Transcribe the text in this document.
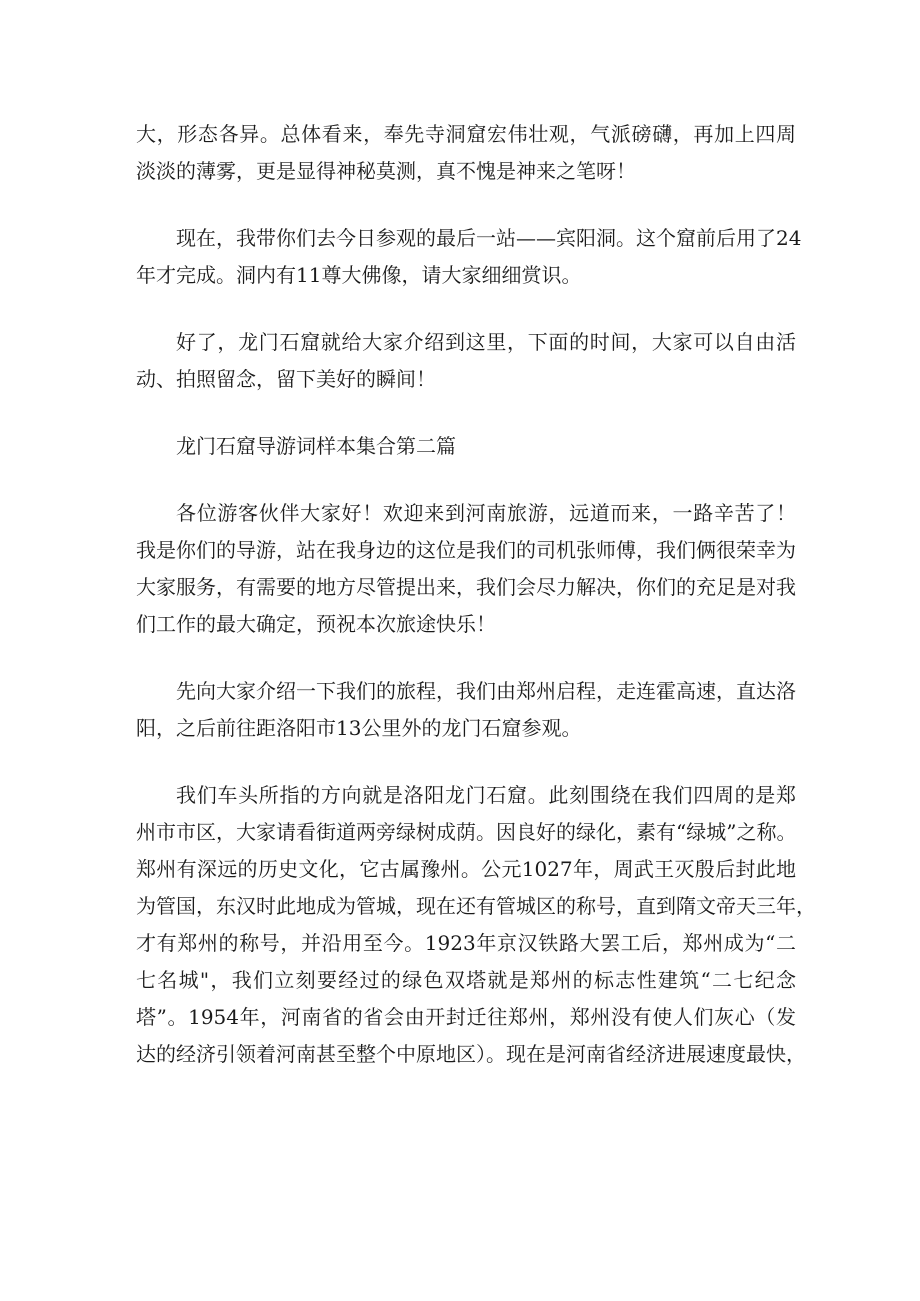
大，形态各异。总体看来，奉先寺洞窟宏伟壮观，气派磅礴，再加上四周
淡淡的薄雾，更是显得神秘莫测，真不愧是神来之笔呀！
现在，我带你们去今日参观的最后一站——宾阳洞。这个窟前后用了24
年才完成。洞内有11尊大佛像，请大家细细赏识。
好了，龙门石窟就给大家介绍到这里，下面的时间，大家可以自由活
动、拍照留念，留下美好的瞬间！
龙门石窟导游词样本集合第二篇
各位游客伙伴大家好！欢迎来到河南旅游，远道而来，一路辛苦了！
我是你们的导游，站在我身边的这位是我们的司机张师傅，我们俩很荣幸为
大家服务，有需要的地方尽管提出来，我们会尽力解决，你们的充足是对我
们工作的最大确定，预祝本次旅途快乐！
先向大家介绍一下我们的旅程，我们由郑州启程，走连霍高速，直达洛
阳，之后前往距洛阳市13公里外的龙门石窟参观。
我们车头所指的方向就是洛阳龙门石窟。此刻围绕在我们四周的是郑
州市市区，大家请看街道两旁绿树成荫。因良好的绿化，素有“绿城”之称。
郑州有深远的历史文化，它古属豫州。公元1027年，周武王灭殷后封此地
为管国，东汉时此地成为管城，现在还有管城区的称号，直到隋文帝天三年，
才有郑州的称号，并沿用至今。1923年京汉铁路大罢工后，郑州成为“二
七名城"，我们立刻要经过的绿色双塔就是郑州的标志性建筑“二七纪念
塔”。1954年，河南省的省会由开封迁往郑州，郑州没有使人们灰心（发
达的经济引领着河南甚至整个中原地区）。现在是河南省经济进展速度最快，
